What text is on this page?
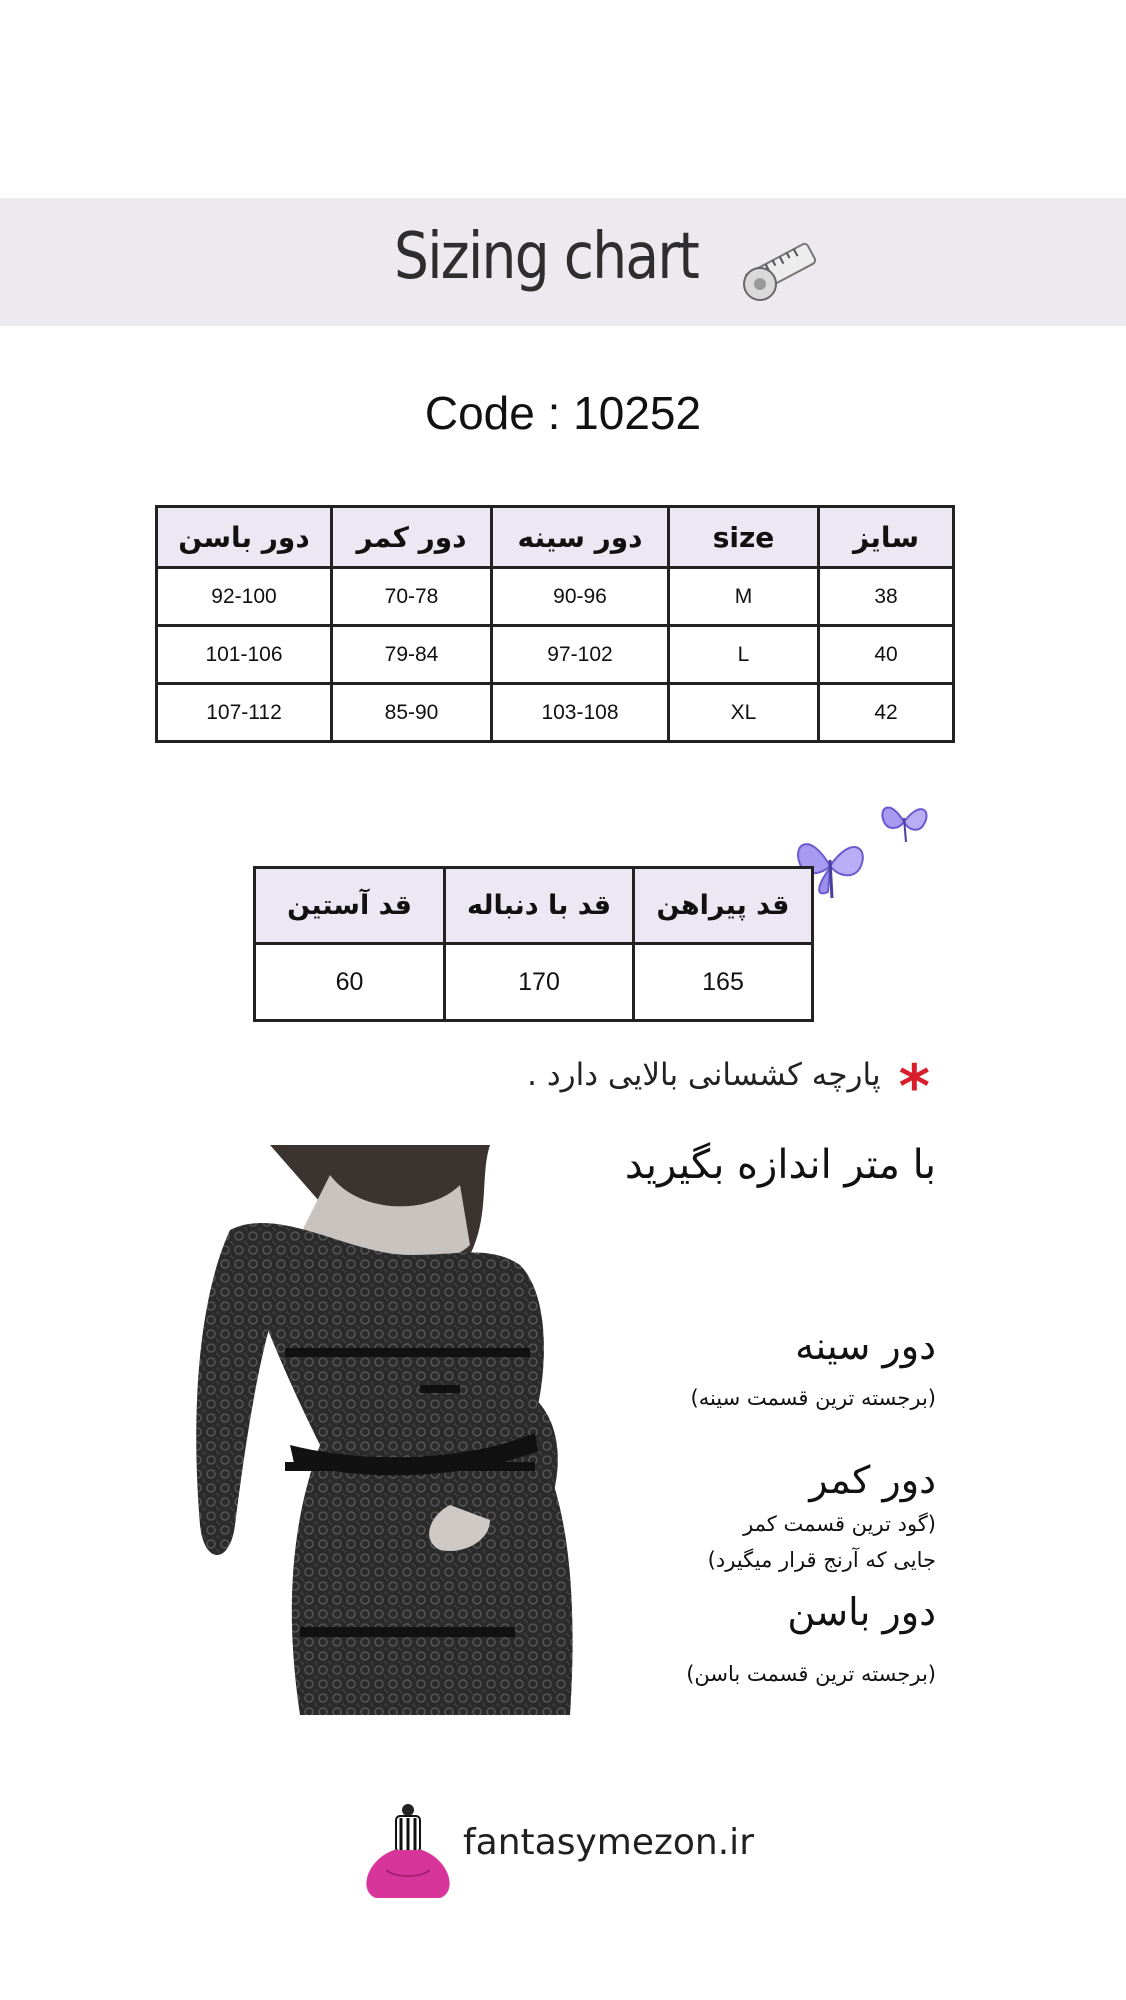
Sizing chart
Code : 10252
دور باسن	دور کمر	دور سینه	size	سایز
92-100	70-78	90-96	M	38
101-106	79-84	97-102	L	40
107-112	85-90	103-108	XL	42
قد آستین	قد با دنباله	قد پیراهن
60	170	165
*پارچه کشسانی بالایی دارد .
با متر اندازه بگیرید
دور سینه
(برجسته ترین قسمت سینه)
دور کمر
(گود ترین قسمت کمر
جایی که آرنج قرار میگیرد)
دور باسن
(برجسته ترین قسمت باسن)
fantasymezon.ir
